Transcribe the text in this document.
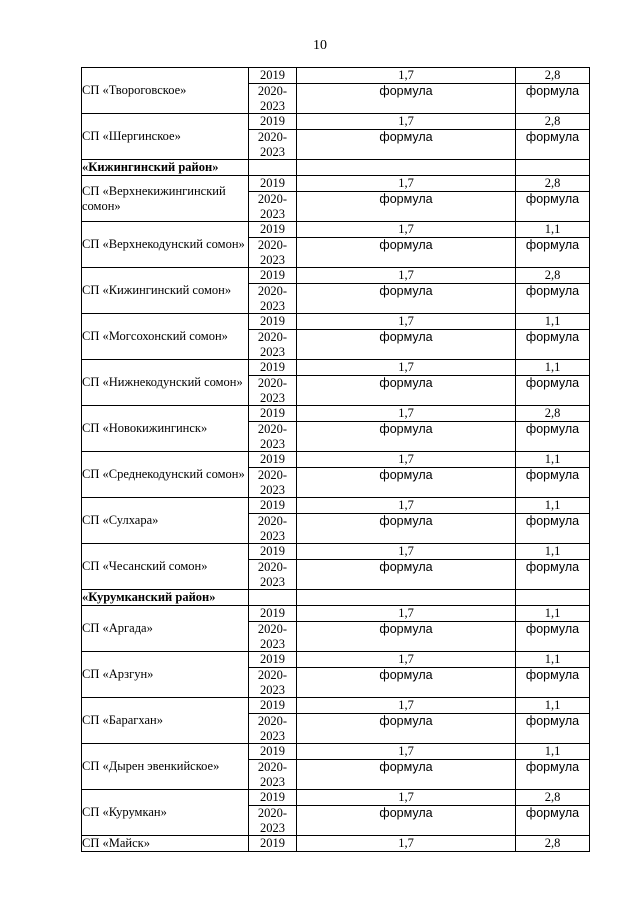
10
СП «Твороговское»	2019	1,7	2,8
	2020-2023	формула	формула
СП «Шергинское»	2019	1,7	2,8
	2020-2023	формула	формула
«Кижингинский район»			
СП «Верхнекижингинский сомон»	2019	1,7	2,8
	2020-2023	формула	формула
СП «Верхнекодунский сомон»	2019	1,7	1,1
	2020-2023	формула	формула
СП «Кижингинский сомон»	2019	1,7	2,8
	2020-2023	формула	формула
СП «Могсохонский сомон»	2019	1,7	1,1
	2020-2023	формула	формула
СП «Нижнекодунский сомон»	2019	1,7	1,1
	2020-2023	формула	формула
СП «Новокижингинск»	2019	1,7	2,8
	2020-2023	формула	формула
СП «Среднекодунский сомон»	2019	1,7	1,1
	2020-2023	формула	формула
СП «Сулхара»	2019	1,7	1,1
	2020-2023	формула	формула
СП «Чесанский сомон»	2019	1,7	1,1
	2020-2023	формула	формула
«Курумканский район»			
СП «Аргада»	2019	1,7	1,1
	2020-2023	формула	формула
СП «Арзгун»	2019	1,7	1,1
	2020-2023	формула	формула
СП «Барагхан»	2019	1,7	1,1
	2020-2023	формула	формула
СП «Дырен эвенкийское»	2019	1,7	1,1
	2020-2023	формула	формула
СП «Курумкан»	2019	1,7	2,8
	2020-2023	формула	формула
СП «Майск»	2019	1,7	2,8
